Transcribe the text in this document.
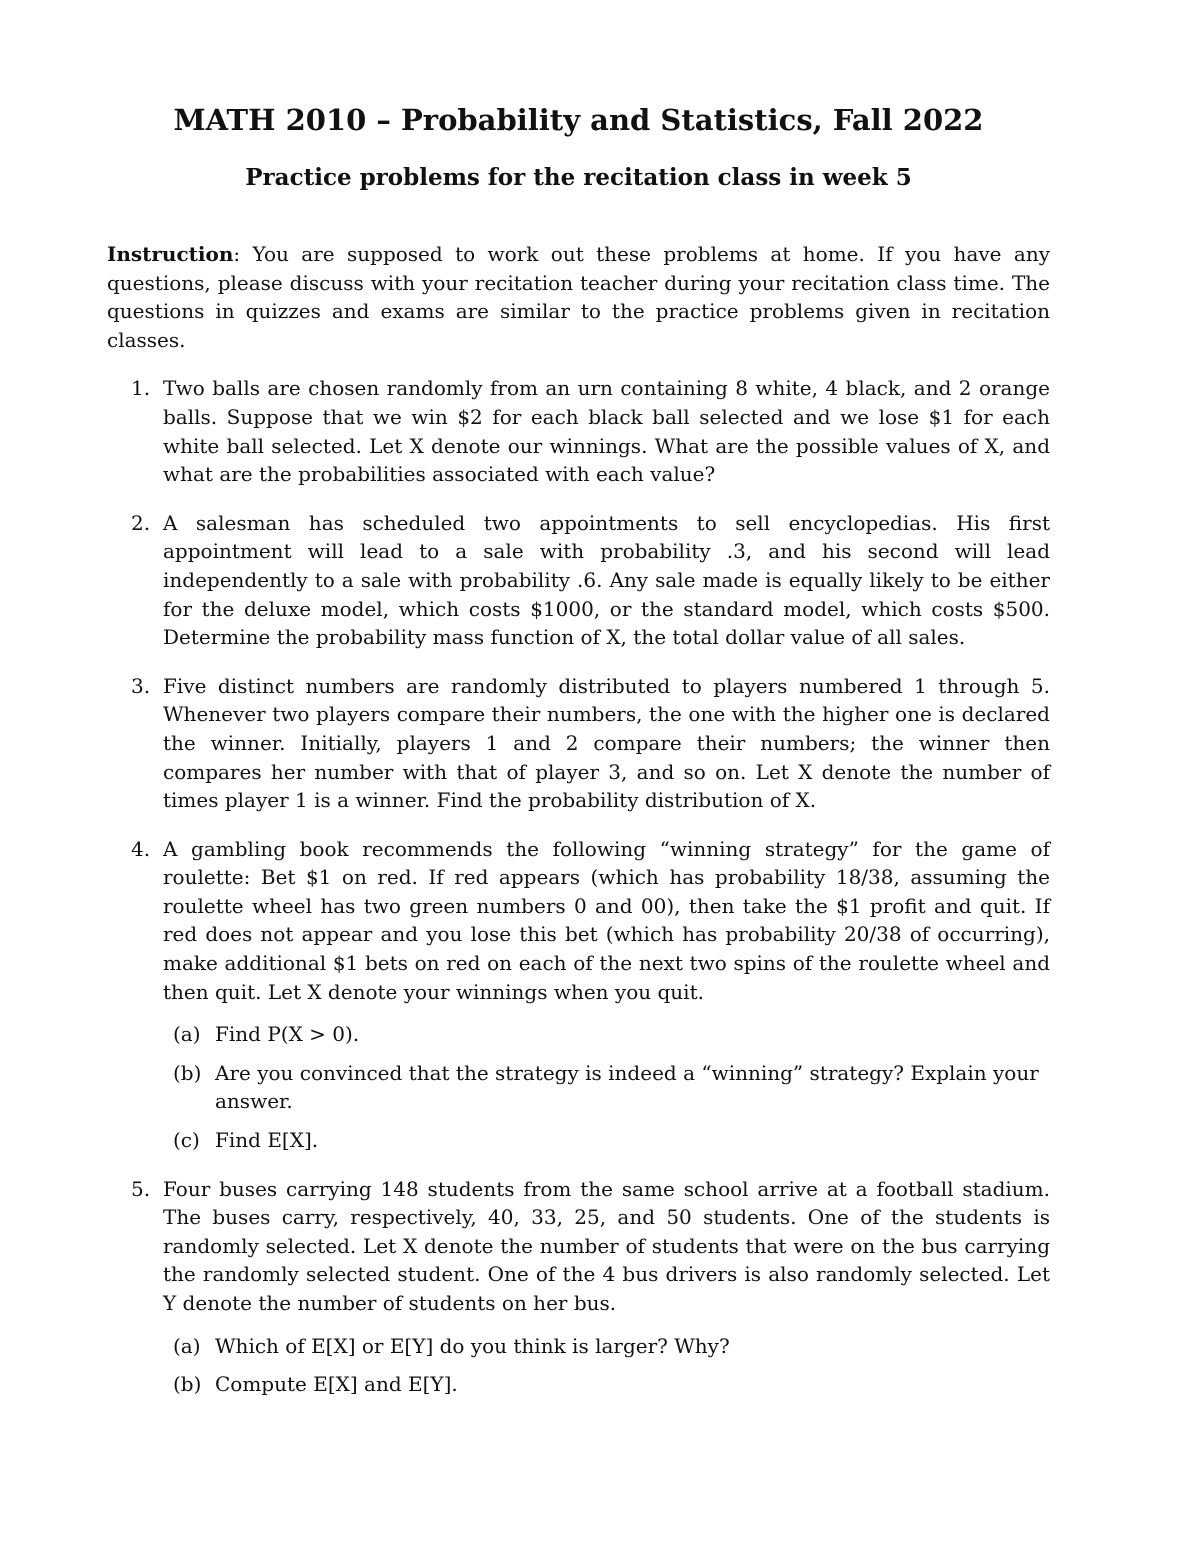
MATH 2010 – Probability and Statistics, Fall 2022
Practice problems for the recitation class in week 5

Instruction: You are supposed to work out these problems at home. If you have any questions, please discuss with your recitation teacher during your recitation class time. The questions in quizzes and exams are similar to the practice problems given in recitation classes.

1. Two balls are chosen randomly from an urn containing 8 white, 4 black, and 2 orange balls. Suppose that we win $2 for each black ball selected and we lose $1 for each white ball selected. Let X denote our winnings. What are the possible values of X, and what are the probabilities associated with each value?
2. A salesman has scheduled two appointments to sell encyclopedias. His first appointment will lead to a sale with probability .3, and his second will lead independently to a sale with probability .6. Any sale made is equally likely to be either for the deluxe model, which costs $1000, or the standard model, which costs $500. Determine the probability mass function of X, the total dollar value of all sales.
3. Five distinct numbers are randomly distributed to players numbered 1 through 5. Whenever two players compare their numbers, the one with the higher one is declared the winner. Initially, players 1 and 2 compare their numbers; the winner then compares her number with that of player 3, and so on. Let X denote the number of times player 1 is a winner. Find the probability distribution of X.
4. A gambling book recommends the following “winning strategy” for the game of roulette: Bet $1 on red. If red appears (which has probability 18/38, assuming the roulette wheel has two green numbers 0 and 00), then take the $1 profit and quit. If red does not appear and you lose this bet (which has probability 20/38 of occurring), make additional $1 bets on red on each of the next two spins of the roulette wheel and then quit. Let X denote your winnings when you quit.
(a) Find P(X > 0).
(b) Are you convinced that the strategy is indeed a “winning” strategy? Explain your answer.
(c) Find E[X].
5. Four buses carrying 148 students from the same school arrive at a football stadium. The buses carry, respectively, 40, 33, 25, and 50 students. One of the students is randomly selected. Let X denote the number of students that were on the bus carrying the randomly selected student. One of the 4 bus drivers is also randomly selected. Let Y denote the number of students on her bus.
(a) Which of E[X] or E[Y] do you think is larger? Why?
(b) Compute E[X] and E[Y].
